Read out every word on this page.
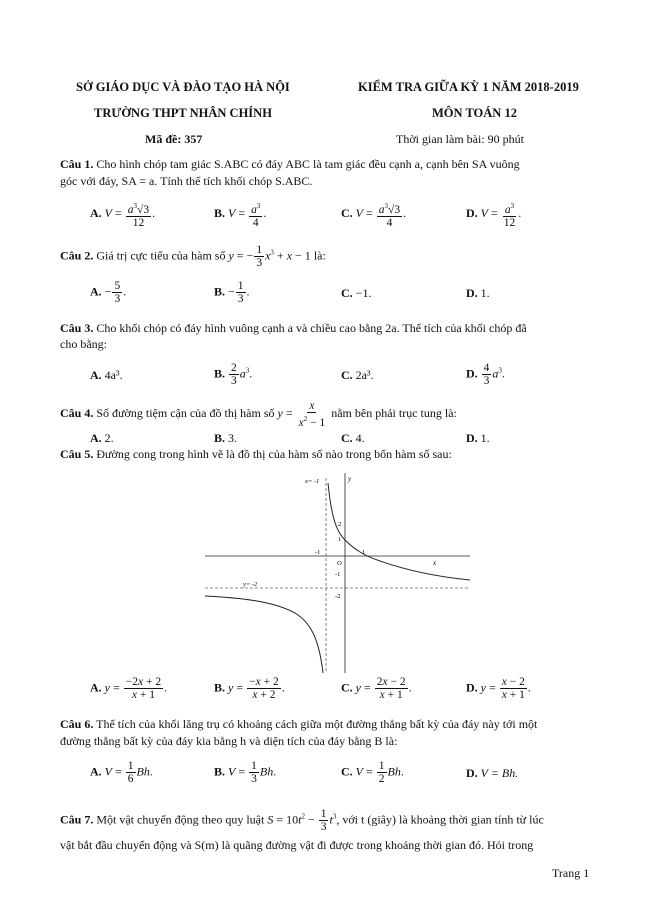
SỞ GIÁO DỤC VÀ ĐÀO TẠO HÀ NỘI
TRƯỜNG THPT NHÂN CHÍNH
Mã đề: 357
KIỂM TRA GIỮA KỲ 1 NĂM 2018-2019
MÔN TOÁN 12
Thời gian làm bài: 90 phút
Câu 1. Cho hình chóp tam giác S.ABC có đáy ABC là tam giác đều cạnh a, cạnh bên SA vuông
góc với đáy, SA = a. Tính thể tích khối chóp S.ABC.
A. $V = \frac{a^3√3}{12}$ .	B. $V = \frac{a^3}{4}$ .	C. $V = \frac{a^3√3}{4}$ .	D. $V = \frac{a^3}{12}$ .
Câu 2. Giá trị cực tiểu của hàm số y = − $\frac{1}{3} x^3 + x - 1$ là:
A. − $\frac{5}{3}$ .	B. − $\frac{1}{3}$ .	C. −1.	D. 1.
Câu 3. Cho khối chóp có đáy hình vuông cạnh a và chiều cao bằng 2a. Thể tích của khối chóp đã
cho bằng:
A. 4a³.	B. $\frac{2}{3} a^3$.	C. 2a³.	D. $\frac{4}{3} a^3$.
Câu 4. Số đường tiệm cận của đồ thị hàm số $y = \frac{x}{x^2 - 1}$ nằm bên phải trục tung là:
A. 2.	B. 3.	C. 4.	D. 1.
Câu 5. Đường cong trong hình vẽ là đồ thị của hàm số nào trong bốn hàm số sau:
x= -1
y= -2
y
x
O
2
1
-1	1
-1
-2
A. $y = \frac{-2x + 2}{x + 1}$ .	B. $y = \frac{-x + 2}{x + 2}$ .	C. $y = \frac{2x - 2}{x + 1}$ .	D. $y = \frac{x - 2}{x + 1}$ .
Câu 6. Thể tích của khối lăng trụ có khoảng cách giữa một đường thẳng bất kỳ của đáy này tới một
đường thẳng bất kỳ của đáy kia bằng h và diện tích của đáy bằng B là:
A. $V = \frac{1}{6} Bh$.	B. $V = \frac{1}{3} Bh$.	C. $V = \frac{1}{2} Bh$.	D. V = Bh.
Câu 7. Một vật chuyển động theo quy luật $S = 10t^2 - \frac{1}{3} t^3$, với t (giây) là khoảng thời gian tính từ lúc
vật bắt đầu chuyển động và S(m) là quãng đường vật đi được trong khoảng thời gian đó. Hỏi trong
Trang 1
